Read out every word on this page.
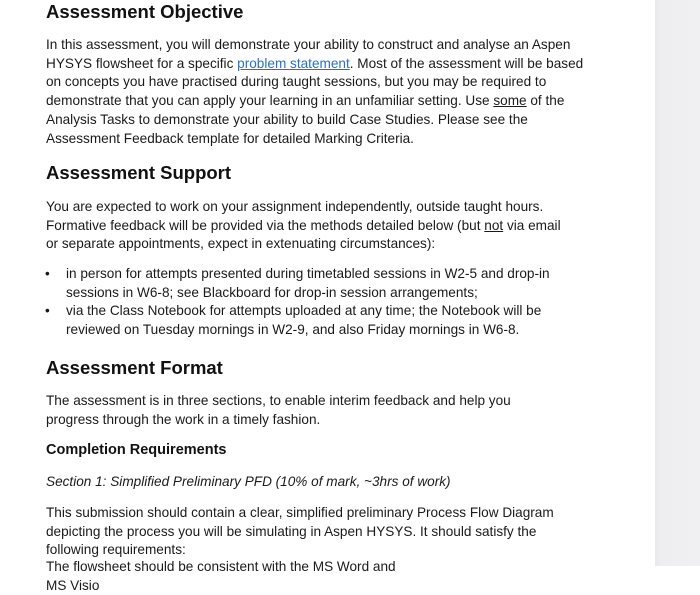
Assessment Objective

In this assessment, you will demonstrate your ability to construct and analyse an Aspen HYSYS flowsheet for a specific problem statement. Most of the assessment will be based on concepts you have practised during taught sessions, but you may be required to demonstrate that you can apply your learning in an unfamiliar setting. Use some of the Analysis Tasks to demonstrate your ability to build Case Studies. Please see the Assessment Feedback template for detailed Marking Criteria.

Assessment Support

You are expected to work on your assignment independently, outside taught hours. Formative feedback will be provided via the methods detailed below (but not via email or separate appointments, expect in extenuating circumstances):

•	in person for attempts presented during timetabled sessions in W2-5 and drop-in sessions in W6-8; see Blackboard for drop-in session arrangements;
•	via the Class Notebook for attempts uploaded at any time; the Notebook will be reviewed on Tuesday mornings in W2-9, and also Friday mornings in W6-8.
Assessment Format

The assessment is in three sections, to enable interim feedback and help you progress through the work in a timely fashion.

Completion Requirements

Section 1: Simplified Preliminary PFD (10% of mark, ~3hrs of work)

This submission should contain a clear, simplified preliminary Process Flow Diagram depicting the process you will be simulating in Aspen HYSYS. It should satisfy the following requirements:

The flowsheet should be consistent with the MS Word and MS Visio
